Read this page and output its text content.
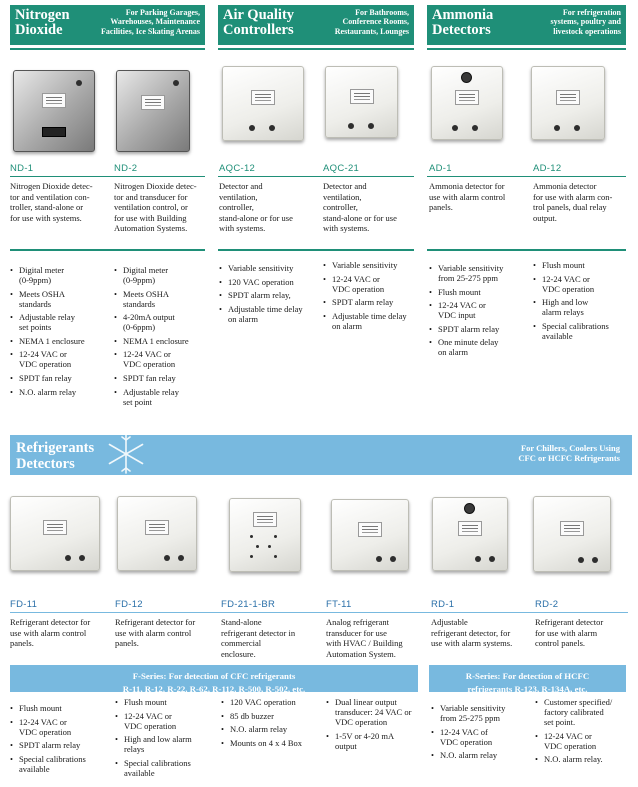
Nitrogen
Dioxide
For Parking Garages,
Warehouses, Maintenance
Facilities, Ice Skating Arenas
Air Quality
Controllers
For Bathrooms,
Conference Rooms,
Restaurants, Lounges
Ammonia
Detectors
For refrigeration
systems, poultry and
livestock operations
ND-1	ND-2	AQC-12	AQC-21	AD-1	AD-12
Nitrogen Dioxide detec-
tor and ventilation con-
troller, stand-alone or
for use with systems.
Nitrogen Dioxide detec-
tor and transducer for
ventilation control, or
for use with Building
Automation Systems.
Detector and
ventilation,
controller,
stand-alone or for use
with systems.
Detector and
ventilation,
controller,
stand-alone or for use
with systems.
Ammonia detector for
use with alarm control
panels.
Ammonia detector
for use with alarm con-
trol panels, dual relay
output.
• Digital meter
(0-9ppm)
• Meets OSHA
standards
• Adjustable relay
set points
• NEMA 1 enclosure
• 12-24 VAC or
VDC operation
• SPDT fan relay
• N.O. alarm relay
• Digital meter
(0-9ppm)
• Meets OSHA
standards
• 4-20mA output
(0-6ppm)
• NEMA 1 enclosure
• 12-24 VAC or
VDC operation
• SPDT fan relay
• Adjustable relay
set point
• Variable sensitivity
• 120 VAC operation
• SPDT alarm relay,
• Adjustable time delay
on alarm
• Variable sensitivity
• 12-24 VAC or
VDC operation
• SPDT alarm relay
• Adjustable time delay
on alarm
• Variable sensitivity
from 25-275 ppm
• Flush mount
• 12-24 VAC or
VDC input
• SPDT alarm relay
• One minute delay
on alarm
• Flush mount
• 12-24 VAC or
VDC operation
• High and low
alarm relays
• Special calibrations
available
Refrigerants
Detectors
For Chillers, Coolers Using
CFC or HCFC Refrigerants
FD-11	FD-12	FD-21-1-BR	FT-11	RD-1	RD-2
Refrigerant detector for
use with alarm control
panels.
Refrigerant detector for
use with alarm control
panels.
Stand-alone
refrigerant detector in
commercial
enclosure.
Analog refrigerant
transducer for use
with HVAC / Building
Automation System.
Adjustable
refrigerant detector, for
use with alarm systems.
Refrigerant detector
for use with alarm
control panels.
F-Series: For detection of CFC refrigerants
R-11, R-12, R-22, R-62, R-112, R-500, R-502, etc.
R-Series: For detection of HCFC
refrigerants R-123, R-134A, etc.
• Flush mount
• 12-24 VAC or
VDC operation
• SPDT alarm relay
• Special calibrations
available
• Flush mount
• 12-24 VAC or
VDC operation
• High and low alarm
relays
• Special calibrations
available
• 120 VAC operation
• 85 db buzzer
• N.O. alarm relay
• Mounts on 4 x 4 Box
• Dual linear output
transducer: 24 VAC or
VDC operation
• 1-5V or 4-20 mA
output
• Variable sensitivity
from 25-275 ppm
• 12-24 VAC of
VDC operation
• N.O. alarm relay
• Customer specified/
factory calibrated
set point.
• 12-24 VAC or
VDC operation
• N.O. alarm relay.
